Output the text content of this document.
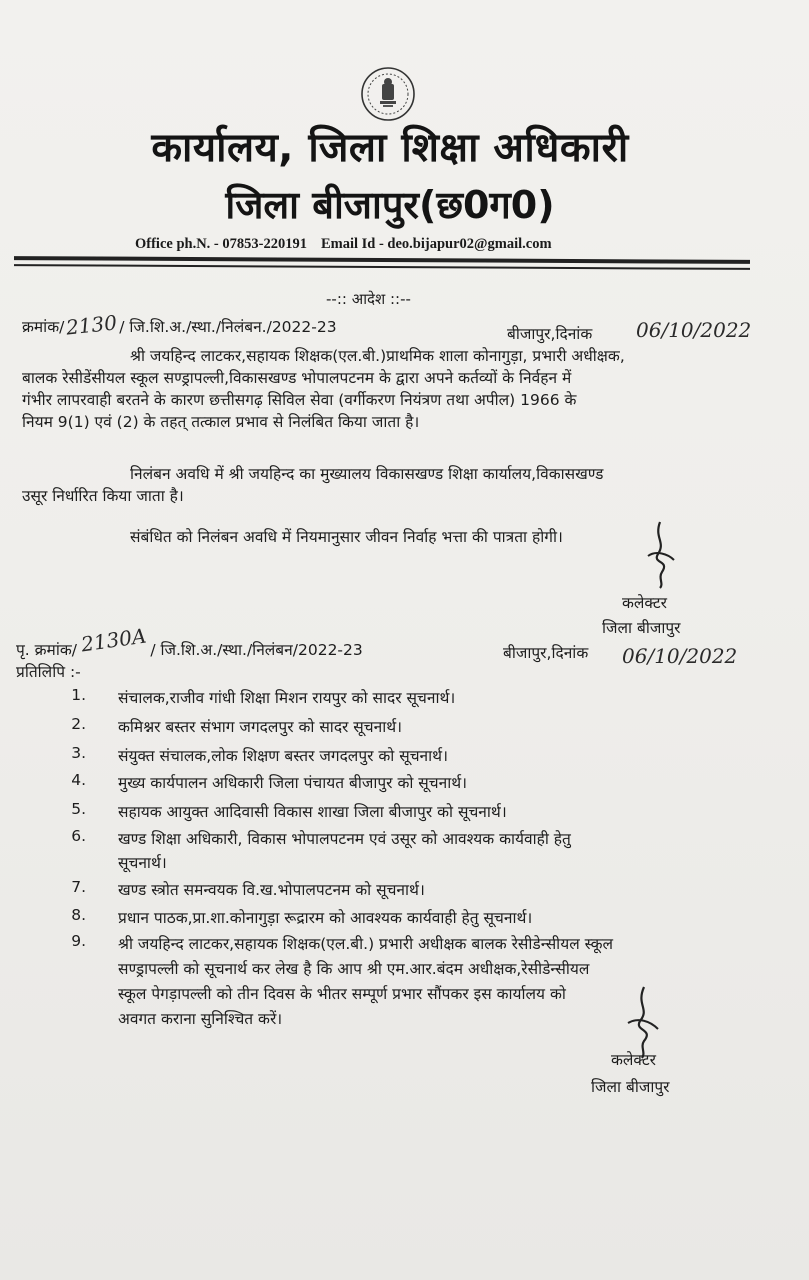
कार्यालय, जिला शिक्षा अधिकारी
जिला बीजापुर(छ0ग0)
Office ph.N. - 07853-220191 Email Id - deo.bijapur02@gmail.com
--:: आदेश ::--
क्रमांक/2130/ जि.शि.अ./स्था./निलंबन./2022-23	बीजापुर,दिनांक 06/10/2022
श्री जयहिन्द लाटकर,सहायक शिक्षक(एल.बी.)प्राथमिक शाला कोनागुड़ा, प्रभारी अधीक्षक,
बालक रेसीडेंसीयल स्कूल सण्ड्रापल्ली,विकासखण्ड भोपालपटनम के द्वारा अपने कर्तव्यों के निर्वहन में
गंभीर लापरवाही बरतने के कारण छत्तीसगढ़ सिविल सेवा (वर्गीकरण नियंत्रण तथा अपील) 1966 के
नियम 9(1) एवं (2) के तहत् तत्काल प्रभाव से निलंबित किया जाता है।
निलंबन अवधि में श्री जयहिन्द का मुख्यालय विकासखण्ड शिक्षा कार्यालय,विकासखण्ड
उसूर निर्धारित किया जाता है।
संबंधित को निलंबन अवधि में नियमानुसार जीवन निर्वाह भत्ता की पात्रता होगी।
कलेक्टर
जिला बीजापुर
पृ. क्रमांक/ 2130A / जि.शि.अ./स्था./निलंबन/2022-23	बीजापुर,दिनांक 06/10/2022
प्रतिलिपि :-
1. संचालक,राजीव गांधी शिक्षा मिशन रायपुर को सादर सूचनार्थ।
2. कमिश्नर बस्तर संभाग जगदलपुर को सादर सूचनार्थ।
3. संयुक्त संचालक,लोक शिक्षण बस्तर जगदलपुर को सूचनार्थ।
4. मुख्य कार्यपालन अधिकारी जिला पंचायत बीजापुर को सूचनार्थ।
5. सहायक आयुक्त आदिवासी विकास शाखा जिला बीजापुर को सूचनार्थ।
6. खण्ड शिक्षा अधिकारी, विकास भोपालपटनम एवं उसूर को आवश्यक कार्यवाही हेतु
सूचनार्थ।
7. खण्ड स्त्रोत समन्वयक वि.ख.भोपालपटनम को सूचनार्थ।
8. प्रधान पाठक,प्रा.शा.कोनागुड़ा रूद्रारम को आवश्यक कार्यवाही हेतु सूचनार्थ।
9. श्री जयहिन्द लाटकर,सहायक शिक्षक(एल.बी.) प्रभारी अधीक्षक बालक रेसीडेन्सीयल स्कूल
सण्ड्रापल्ली को सूचनार्थ कर लेख है कि आप श्री एम.आर.बंदम अधीक्षक,रेसीडेन्सीयल
स्कूल पेगड़ापल्ली को तीन दिवस के भीतर सम्पूर्ण प्रभार सौंपकर इस कार्यालय को
अवगत कराना सुनिश्चित करें।
कलेक्टर
जिला बीजापुर
